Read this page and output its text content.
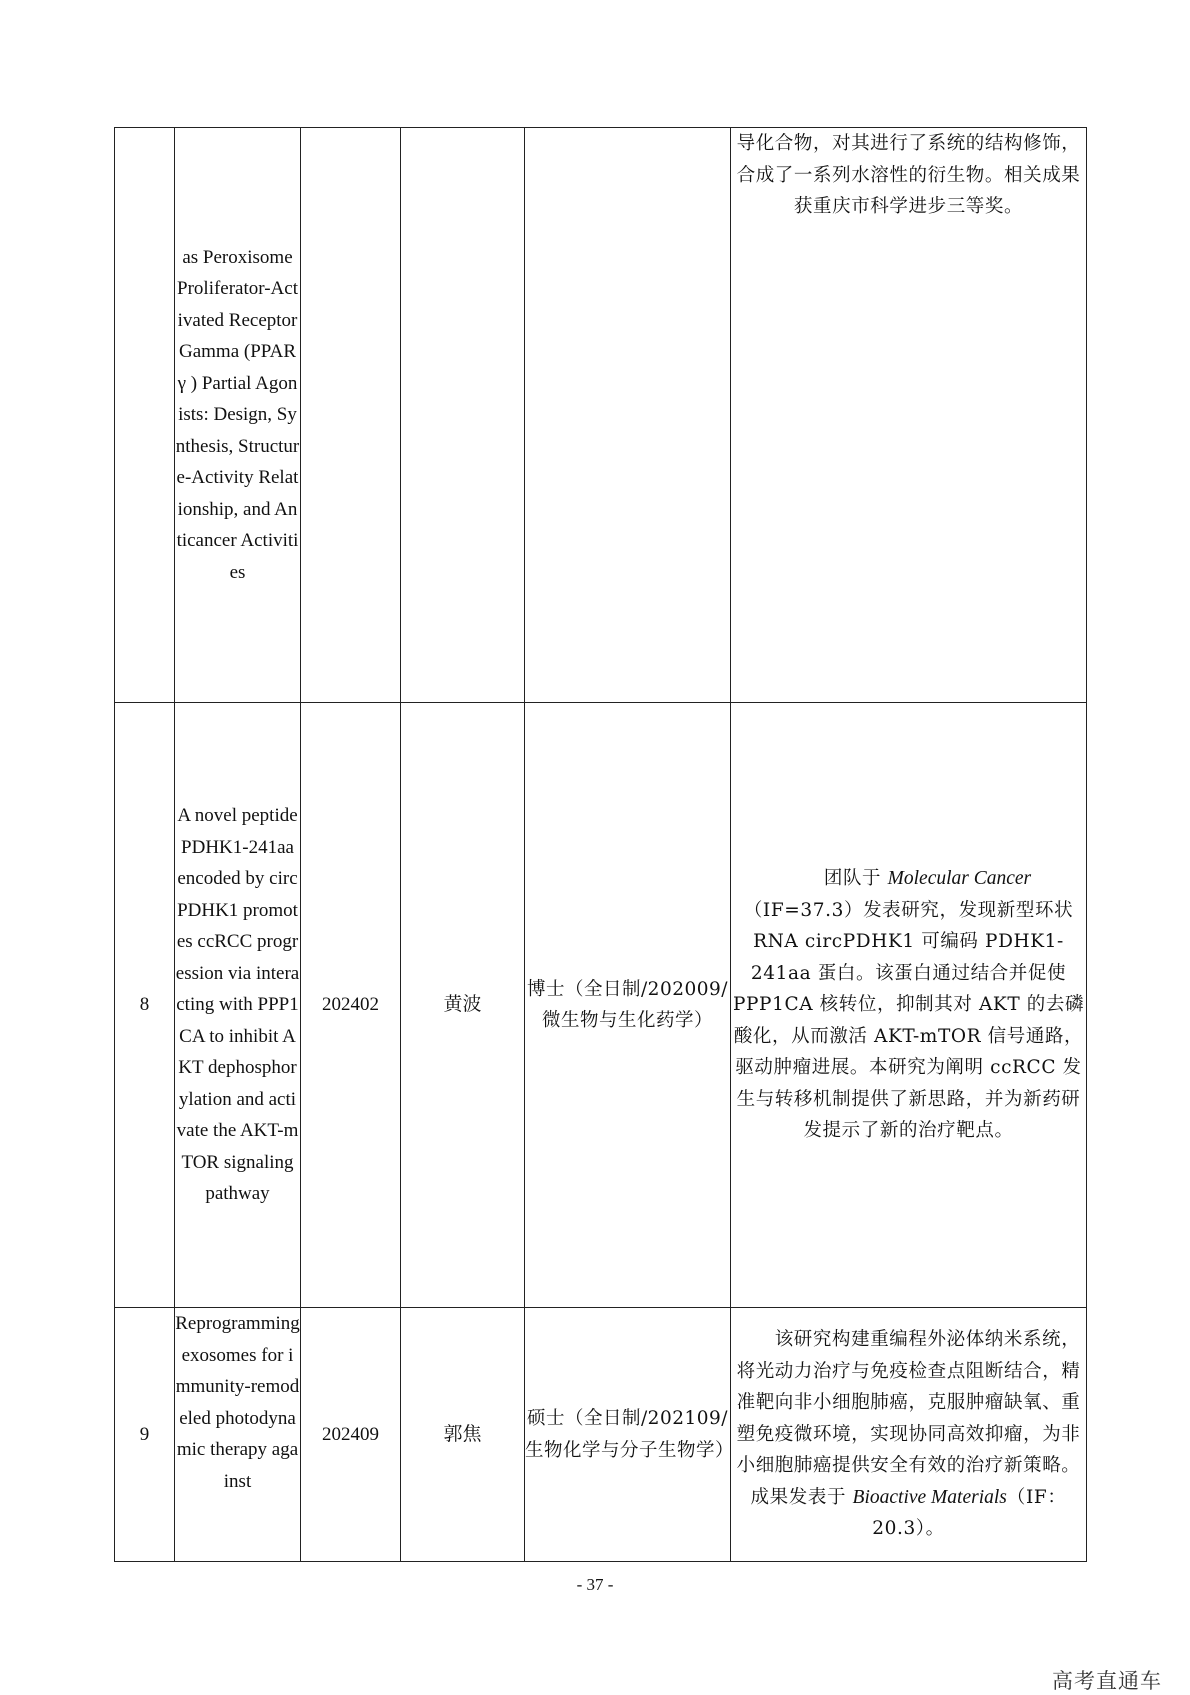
	as Peroxisome Proliferator-Activated Receptor Gamma (PPAR γ ) Partial Agonists: Design, Synthesis, Structure-Activity Relationship, and Anticancer Activities				导化合物，对其进行了系统的结构修饰，合成了一系列水溶性的衍生物。相关成果获重庆市科学进步三等奖。
8	A novel peptide PDHK1-241aa encoded by circPDHK1 promotes ccRCC progression via interacting with PPP1CA to inhibit AKT dephosphorylation and activate the AKT-mTOR signaling pathway	202402	黄波	博士（全日制/202009/微生物与生化药学）	团队于 Molecular Cancer（IF=37.3）发表研究，发现新型环状RNA circPDHK1 可编码 PDHK1-241aa 蛋白。该蛋白通过结合并促使 PPP1CA 核转位，抑制其对 AKT 的去磷酸化，从而激活 AKT-mTOR 信号通路，驱动肿瘤进展。本研究为阐明 ccRCC 发生与转移机制提供了新思路，并为新药研发提示了新的治疗靶点。
9	Reprogramming exosomes for immunity-remodeled photodynamic therapy against	202409	郭焦	硕士（全日制/202109/生物化学与分子生物学）	该研究构建重编程外泌体纳米系统，将光动力治疗与免疫检查点阻断结合，精准靶向非小细胞肺癌，克服肿瘤缺氧、重塑免疫微环境，实现协同高效抑瘤，为非小细胞肺癌提供安全有效的治疗新策略。成果发表于 Bioactive Materials（IF：20.3）。
- 37 -
高考直通车
